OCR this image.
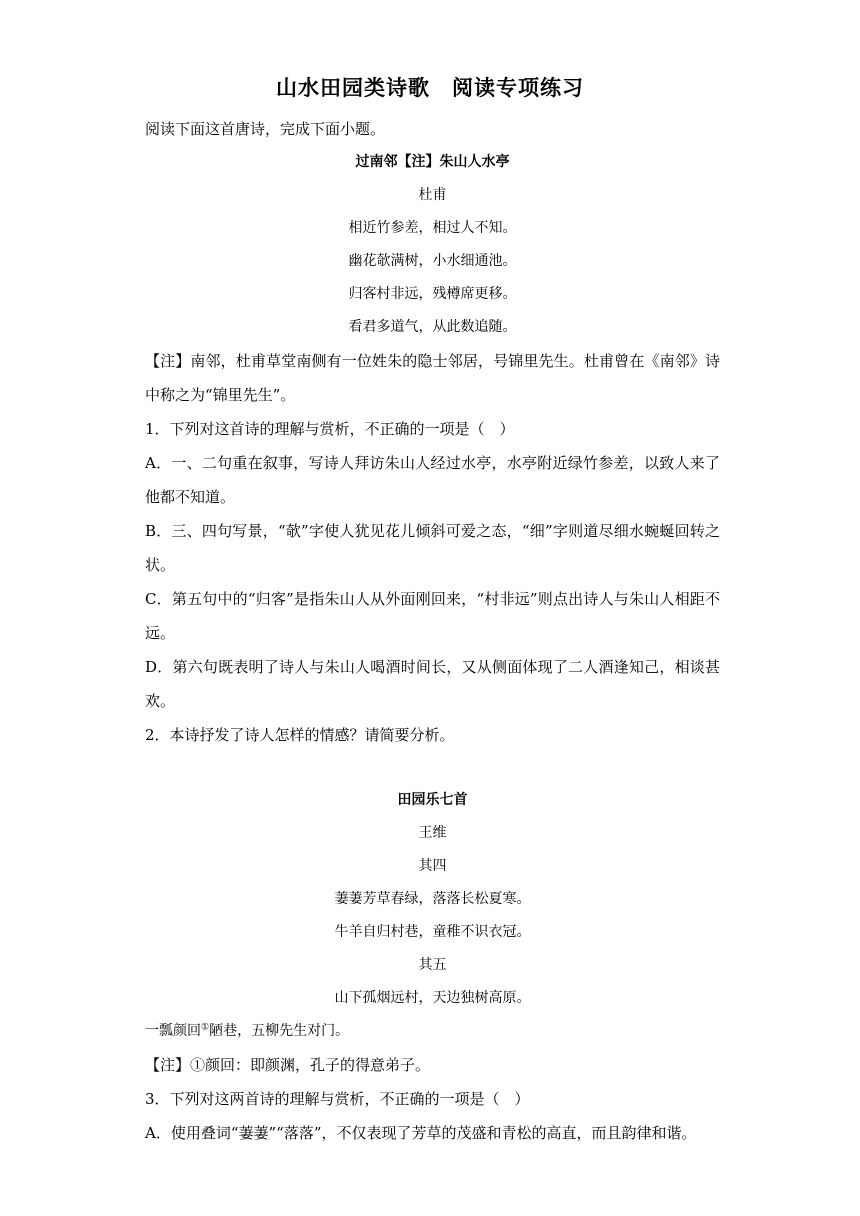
山水田园类诗歌　阅读专项练习

阅读下面这首唐诗，完成下面小题。

过南邻【注】朱山人水亭

杜甫

相近竹参差，相过人不知。

幽花欹满树，小水细通池。

归客村非远，残樽席更移。

看君多道气，从此数追随。

【注】南邻，杜甫草堂南侧有一位姓朱的隐士邻居，号锦里先生。杜甫曾在《南邻》诗中称之为“锦里先生”。

1．下列对这首诗的理解与赏析，不正确的一项是（　）

A．一、二句重在叙事，写诗人拜访朱山人经过水亭，水亭附近绿竹参差，以致人来了他都不知道。

B．三、四句写景，“欹”字使人犹见花儿倾斜可爱之态，“细”字则道尽细水蜿蜒回转之状。

C．第五句中的“归客”是指朱山人从外面刚回来，“村非远”则点出诗人与朱山人相距不远。

D．第六句既表明了诗人与朱山人喝酒时间长，又从侧面体现了二人酒逢知己，相谈甚欢。

2．本诗抒发了诗人怎样的情感？请简要分析。

田园乐七首

王维

其四

萋萋芳草春绿，落落长松夏寒。

牛羊自归村巷，童稚不识衣冠。

其五

山下孤烟远村，天边独树高原。

一瓢颜回①陋巷，五柳先生对门。

【注】①颜回：即颜渊，孔子的得意弟子。

3．下列对这两首诗的理解与赏析，不正确的一项是（　）

A．使用叠词“萋萋”“落落”，不仅表现了芳草的茂盛和青松的高直，而且韵律和谐。
